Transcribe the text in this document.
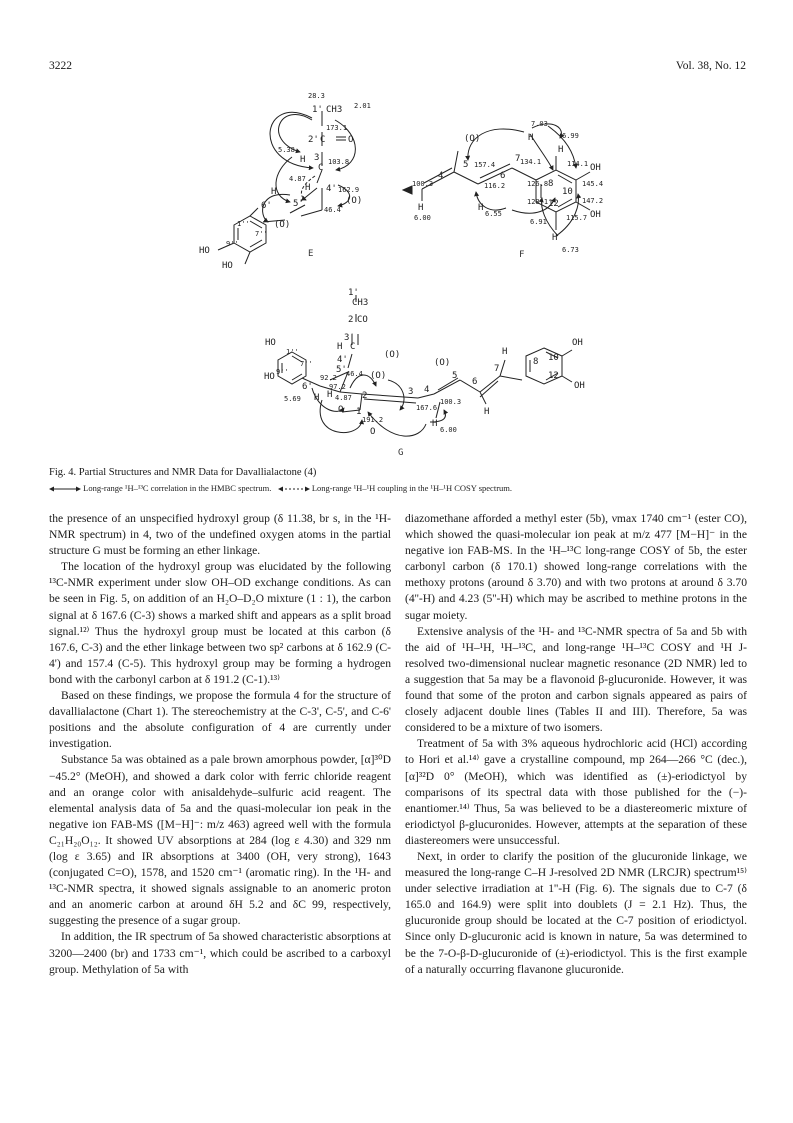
3222	Vol. 38, No. 12
28.3
2.01
1' CH3
173.1
2' C	O
5.38
H 3'
C
103.8
4.87
H 4' 162.9
H
(O)
5'
46.4
6'
(O)
1''
7''
9''
HO
HO
E
7.03
(O)	H	6.99
H
5 157.4
7 134.1	114.1
4	6
100.3	116.2	126.8 8
10
OH
145.4
147.2
OH
128.1 12
115.7
H
6.00
H
6.55
6.91
H
6.73
F
1'
CH3
2'
CO
3'
H C
(O)
4'
HO
HO
1''
7''
9''
92.2
5' 46.4 (O)
(O)
6' 97.2
H 4.87 2
5.69 H
3 4
5
6
7
8 10
12
OH
OH
H
H
O 1	167.6
100.3
191.2
O
H
6.00
G
Fig. 4. Partial Structures and NMR Data for Davallialactone (4)
Long-range ¹H–¹³C correlation in the HMBC spectrum.	Long-range ¹H–¹H coupling in the ¹H–¹H COSY spectrum.

the presence of an unspecified hydroxyl group (δ 11.38, br s, in the ¹H-NMR spectrum) in 4, two of the undefined oxygen atoms in the partial structure G must be forming an ether linkage.

The location of the hydroxyl group was elucidated by the following ¹³C-NMR experiment under slow OH–OD exchange conditions. As can be seen in Fig. 5, on addition of an H₂O–D₂O mixture (1 : 1), the carbon signal at δ 167.6 (C-3) shows a marked shift and appears as a split broad signal.¹²⁾ Thus the hydroxyl group must be located at this carbon (δ 167.6, C-3) and the ether linkage between two sp² carbons at δ 162.9 (C-4') and 157.4 (C-5). This hydroxyl group may be forming a hydrogen bond with the carbonyl carbon at δ 191.2 (C-1).¹³⁾

Based on these findings, we propose the formula 4 for the structure of davallialactone (Chart 1). The stereochemistry at the C-3', C-5', and C-6' positions and the absolute configuration of 4 are currently under investigation.

Substance 5a was obtained as a pale brown amorphous powder, [α]³⁰D −45.2° (MeOH), and showed a dark color with ferric chloride reagent and an orange color with anisaldehyde–sulfuric acid reagent. The elemental analysis data of 5a and the quasi-molecular ion peak in the negative ion FAB-MS ([M−H]⁻: m/z 463) agreed well with the formula C₂₁H₂₀O₁₂. It showed UV absorptions at 284 (log ε 4.30) and 329 nm (log ε 3.65) and IR absorptions at 3400 (OH, very strong), 1643 (conjugated C=O), 1578, and 1520 cm⁻¹ (aromatic ring). In the ¹H- and ¹³C-NMR spectra, it showed signals assignable to an anomeric proton and an anomeric carbon at around δH 5.2 and δC 99, respectively, suggesting the presence of a sugar group.

In addition, the IR spectrum of 5a showed characteristic absorptions at 3200—2400 (br) and 1733 cm⁻¹, which could be ascribed to a carboxyl group. Methylation of 5a with

diazomethane afforded a methyl ester (5b), νmax 1740 cm⁻¹ (ester CO), which showed the quasi-molecular ion peak at m/z 477 [M−H]⁻ in the negative ion FAB-MS. In the ¹H–¹³C long-range COSY of 5b, the ester carbonyl carbon (δ 170.1) showed long-range correlations with the methoxy protons (around δ 3.70) and with two protons at around δ 3.70 (4''-H) and 4.23 (5''-H) which may be ascribed to methine protons in the sugar moiety.

Extensive analysis of the ¹H- and ¹³C-NMR spectra of 5a and 5b with the aid of ¹H–¹H, ¹H–¹³C, and long-range ¹H–¹³C COSY and ¹H J-resolved two-dimensional nuclear magnetic resonance (2D NMR) led to a suggestion that 5a may be a flavonoid β-glucuronide. However, it was found that some of the proton and carbon signals appeared as pairs of closely adjacent double lines (Tables II and III). Therefore, 5a was considered to be a mixture of two isomers.

Treatment of 5a with 3% aqueous hydrochloric acid (HCl) according to Hori et al.¹⁴⁾ gave a crystalline compound, mp 264—266 °C (dec.), [α]³²D 0° (MeOH), which was identified as (±)-eriodictyol by comparisons of its spectral data with those published for the (−)-enantiomer.¹⁴⁾ Thus, 5a was believed to be a diastereomeric mixture of eriodictyol β-glucuronides. However, attempts at the separation of these diastereomers were unsuccessful.

Next, in order to clarify the position of the glucuronide linkage, we measured the long-range C–H J-resolved 2D NMR (LRCJR) spectrum¹⁵⁾ under selective irradiation at 1''-H (Fig. 6). The signals due to C-7 (δ 165.0 and 164.9) were split into doublets (J = 2.1 Hz). Thus, the glucuronide group should be located at the C-7 position of eriodictyol. Since only D-glucuronic acid is known in nature, 5a was determined to be the 7-O-β-D-glucuronide of (±)-eriodictyol. This is the first example of a naturally occurring flavanone glucuronide.
